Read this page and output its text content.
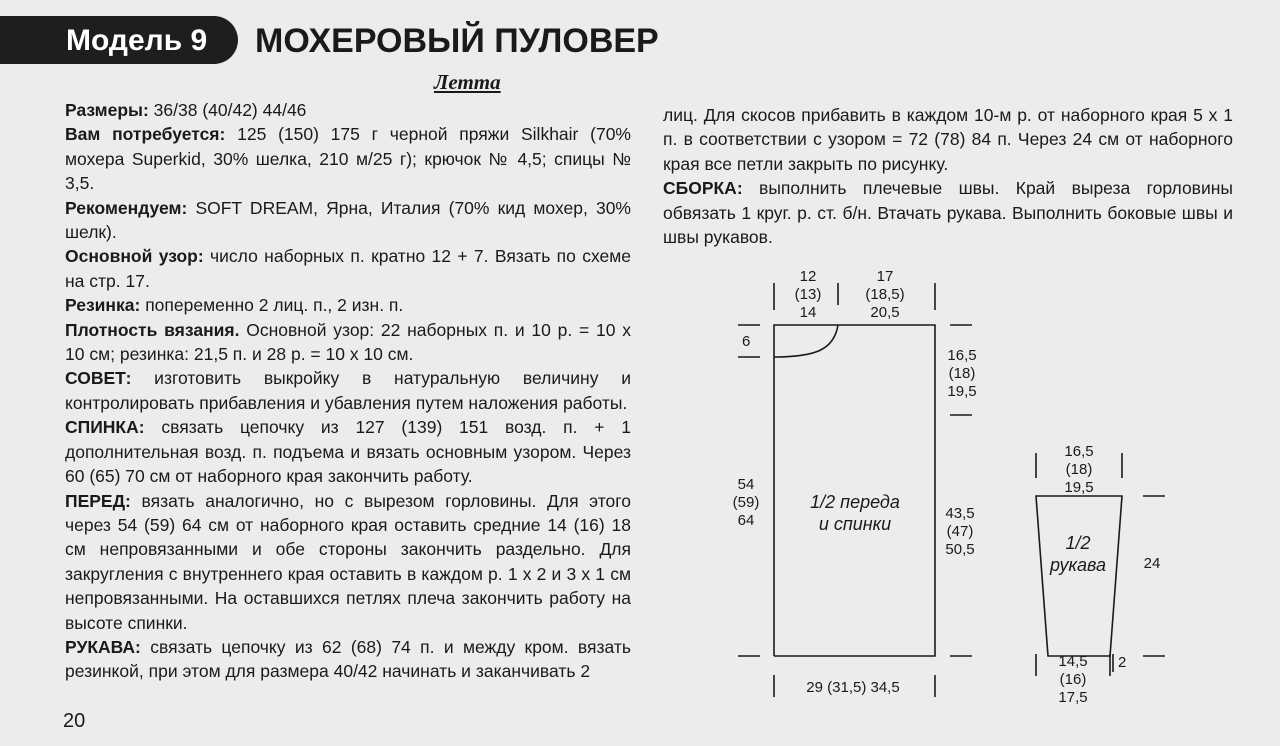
Модель 9 МОХЕРОВЫЙ ПУЛОВЕР
Летта

Размеры: 36/38 (40/42) 44/46

Вам потребуется: 125 (150) 175 г черной пряжи Silkhair (70% мохера Superkid, 30% шелка, 210 м/25 г); крючок № 4,5; спицы № 3,5.

Рекомендуем: SOFT DREAM, Ярна, Италия (70% кид мохер, 30% шелк).

Основной узор: число наборных п. кратно 12 + 7. Вязать по схеме на стр. 17.

Резинка: попеременно 2 лиц. п., 2 изн. п.

Плотность вязания. Основной узор: 22 наборных п. и 10 р. = 10 х 10 см; резинка: 21,5 п. и 28 р. = 10 х 10 см.

СОВЕТ: изготовить выкройку в натуральную величину и контролировать прибавления и убавления путем наложения работы.

СПИНКА: связать цепочку из 127 (139) 151 возд. п. + 1 дополнительная возд. п. подъема и вязать основным узором. Через 60 (65) 70 см от наборного края закончить работу.

ПЕРЕД: вязать аналогично, но с вырезом горловины. Для этого через 54 (59) 64 см от наборного края оставить средние 14 (16) 18 см непровязанными и обе стороны закончить раздельно. Для закругления с внутреннего края оставить в каждом р. 1 х 2 и 3 х 1 см непровязанными. На оставшихся петлях плеча закончить работу на высоте спинки.

РУКАВА: связать цепочку из 62 (68) 74 п. и между кром. вязать резинкой, при этом для размера 40/42 начинать и заканчивать 2

лиц. Для скосов прибавить в каждом 10-м р. от наборного края 5 х 1 п. в соответствии с узором = 72 (78) 84 п. Через 24 см от наборного края все петли закрыть по рисунку.

СБОРКА: выполнить плечевые швы. Край выреза горловины обвязать 1 круг. р. ст. б/н. Втачать рукава. Выполнить боковые швы и швы рукавов.

20
12
(13)
14
17
(18,5)
20,5
6
16,5
(18)
19,5
54
(59)
64	43,5
(47)
50,5
1/2 переда
и спинки
29 (31,5) 34,5
16,5
(18)
19,5
1/2
рукава	24
14,5
(16)
17,5
2
